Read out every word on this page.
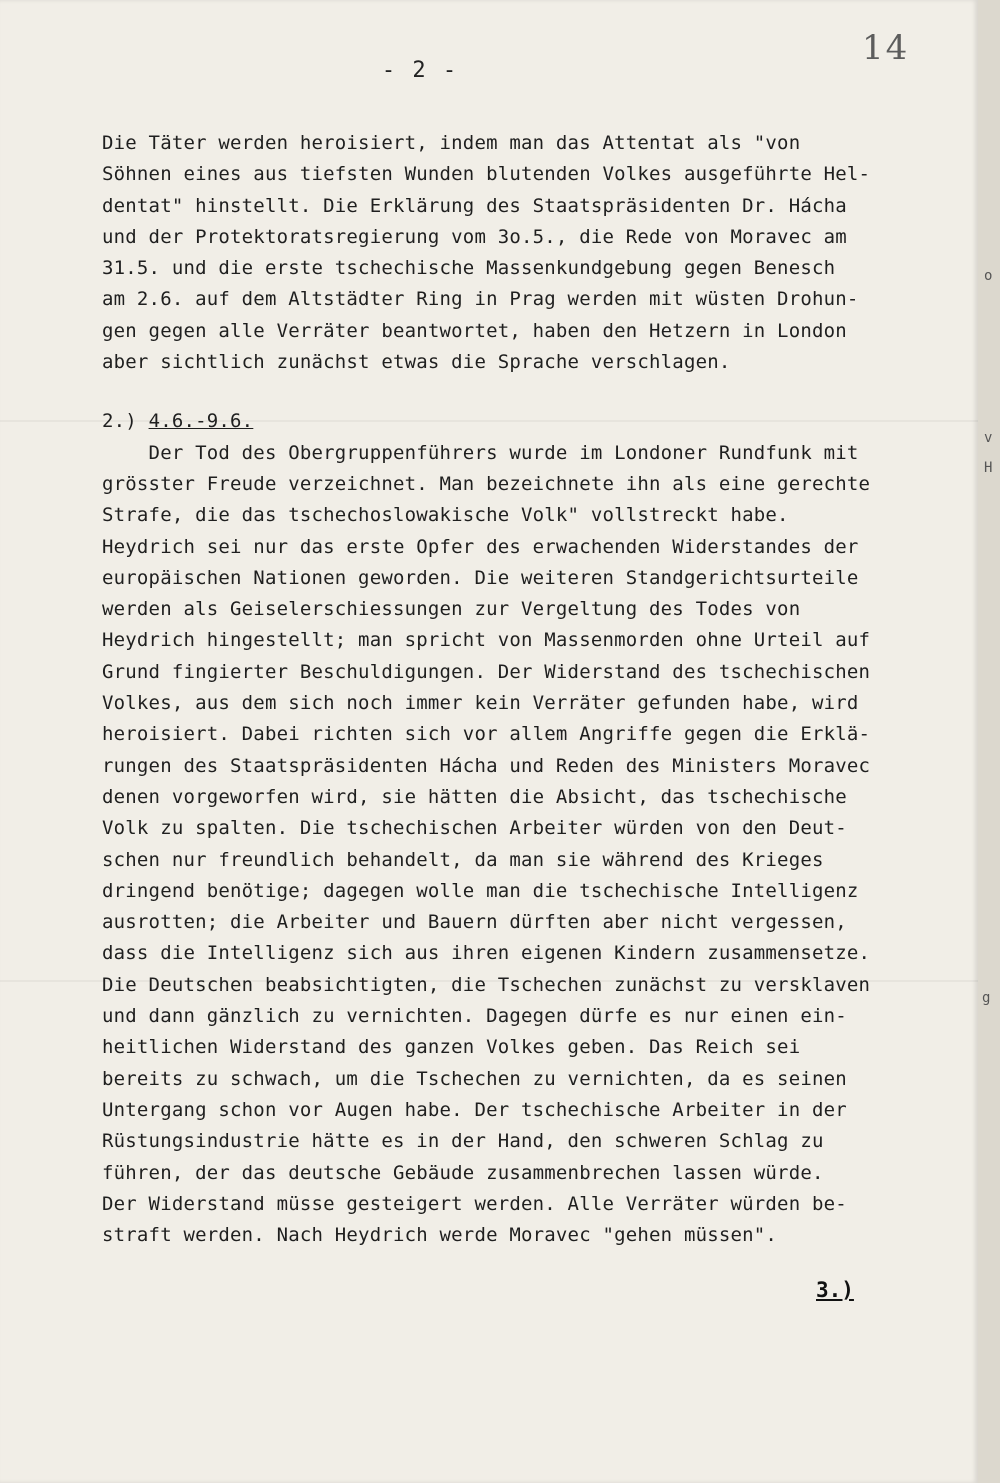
- 2 -
14
Die Täter werden heroisiert, indem man das Attentat als "von
Söhnen eines aus tiefsten Wunden blutenden Volkes ausgeführte Hel-
dentat" hinstellt. Die Erklärung des Staatspräsidenten Dr. Hácha
und der Protektoratsregierung vom 3o.5., die Rede von Moravec am
31.5. und die erste tschechische Massenkundgebung gegen Benesch
am 2.6. auf dem Altstädter Ring in Prag werden mit wüsten Drohun-
gen gegen alle Verräter beantwortet, haben den Hetzern in London
aber sichtlich zunächst etwas die Sprache verschlagen.
2.) 4.6.-9.6.
Der Tod des Obergruppenführers wurde im Londoner Rundfunk mit
grösster Freude verzeichnet. Man bezeichnete ihn als eine gerechte
Strafe, die das tschechoslowakische Volk" vollstreckt habe.
Heydrich sei nur das erste Opfer des erwachenden Widerstandes der
europäischen Nationen geworden. Die weiteren Standgerichtsurteile
werden als Geiselerschiessungen zur Vergeltung des Todes von
Heydrich hingestellt; man spricht von Massenmorden ohne Urteil auf
Grund fingierter Beschuldigungen. Der Widerstand des tschechischen
Volkes, aus dem sich noch immer kein Verräter gefunden habe, wird
heroisiert. Dabei richten sich vor allem Angriffe gegen die Erklä-
rungen des Staatspräsidenten Hácha und Reden des Ministers Moravec
denen vorgeworfen wird, sie hätten die Absicht, das tschechische
Volk zu spalten. Die tschechischen Arbeiter würden von den Deut-
schen nur freundlich behandelt, da man sie während des Krieges
dringend benötige; dagegen wolle man die tschechische Intelligenz
ausrotten; die Arbeiter und Bauern dürften aber nicht vergessen,
dass die Intelligenz sich aus ihren eigenen Kindern zusammensetze.
Die Deutschen beabsichtigten, die Tschechen zunächst zu versklaven
und dann gänzlich zu vernichten. Dagegen dürfe es nur einen ein-
heitlichen Widerstand des ganzen Volkes geben. Das Reich sei
bereits zu schwach, um die Tschechen zu vernichten, da es seinen
Untergang schon vor Augen habe. Der tschechische Arbeiter in der
Rüstungsindustrie hätte es in der Hand, den schweren Schlag zu
führen, der das deutsche Gebäude zusammenbrechen lassen würde.
Der Widerstand müsse gesteigert werden. Alle Verräter würden be-
straft werden. Nach Heydrich werde Moravec "gehen müssen".
3.)
o
v
H
g
